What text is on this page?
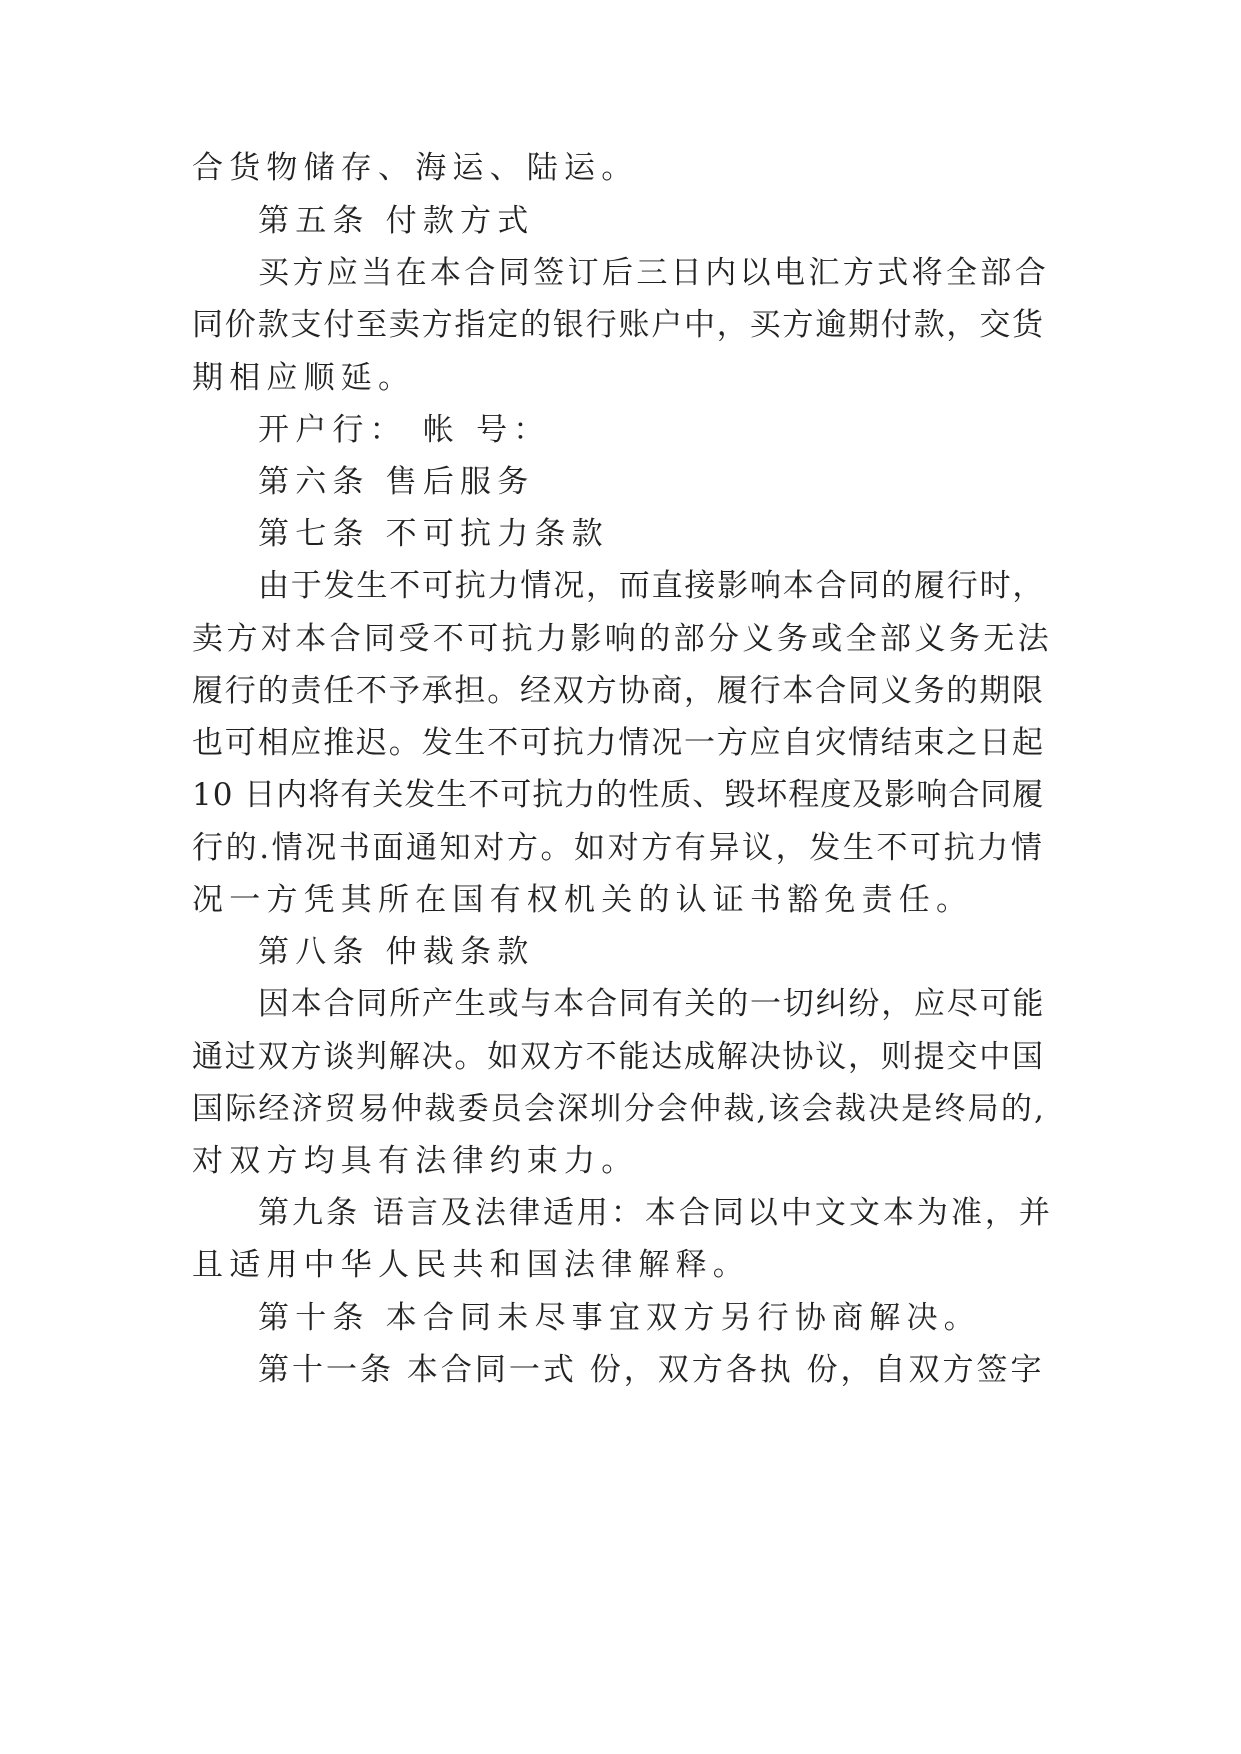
合货物储存、海运、陆运。
第五条 付款方式
买方应当在本合同签订后三日内以电汇方式将全部合
同价款支付至卖方指定的银行账户中，买方逾期付款，交货
期相应顺延。
开户行： 帐 号：
第六条 售后服务
第七条 不可抗力条款
由于发生不可抗力情况，而直接影响本合同的履行时，
卖方对本合同受不可抗力影响的部分义务或全部义务无法
履行的责任不予承担。经双方协商，履行本合同义务的期限
也可相应推迟。发生不可抗力情况一方应自灾情结束之日起
10 日内将有关发生不可抗力的性质、毁坏程度及影响合同履
行的.情况书面通知对方。如对方有异议，发生不可抗力情
况一方凭其所在国有权机关的认证书豁免责任。
第八条 仲裁条款
因本合同所产生或与本合同有关的一切纠纷，应尽可能
通过双方谈判解决。如双方不能达成解决协议，则提交中国
国际经济贸易仲裁委员会深圳分会仲裁,该会裁决是终局的,
对双方均具有法律约束力。
第九条 语言及法律适用：本合同以中文文本为准，并
且适用中华人民共和国法律解释。
第十条 本合同未尽事宜双方另行协商解决。
第十一条 本合同一式 份，双方各执 份，自双方签字
